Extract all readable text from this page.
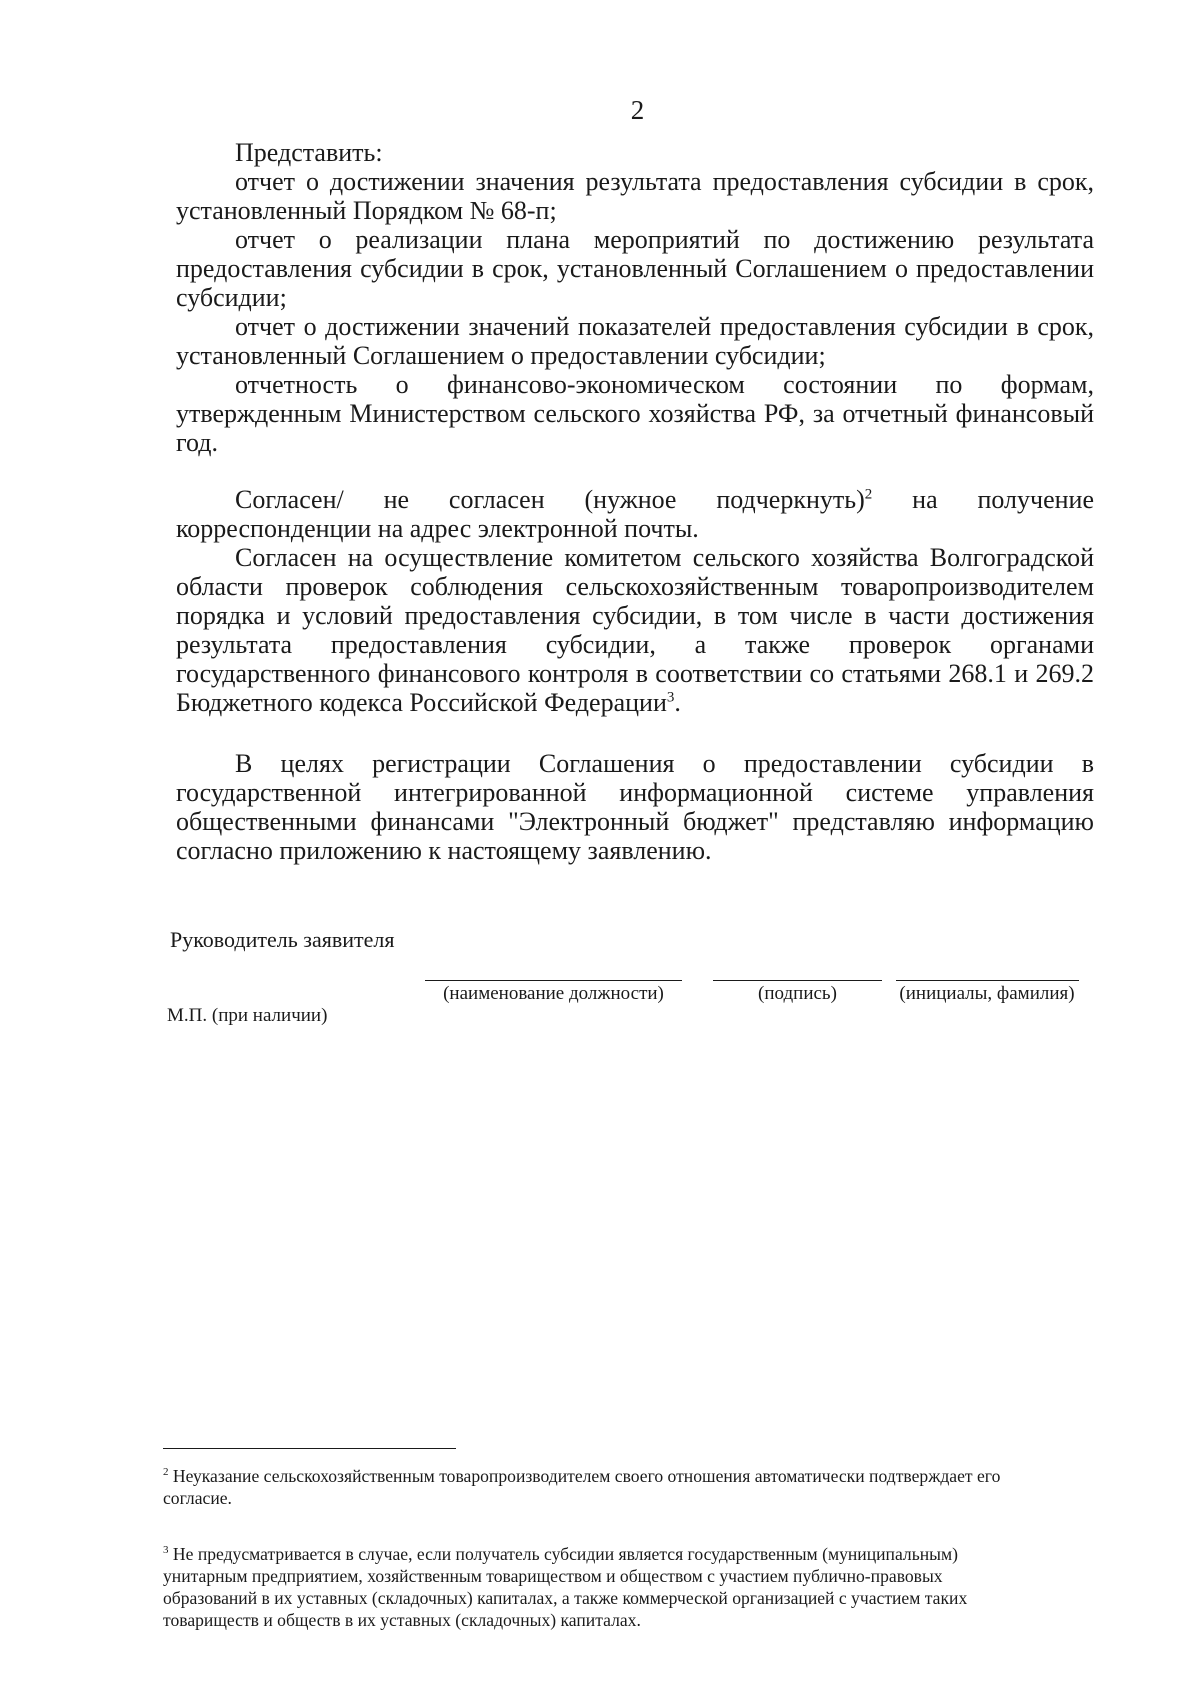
2

Представить:

отчет о достижении значения результата предоставления субсидии в срок, установленный Порядком № 68-п;

отчет о реализации плана мероприятий по достижению результата предоставления субсидии в срок, установленный Соглашением о предоставлении субсидии;

отчет о достижении значений показателей предоставления субсидии в срок, установленный Соглашением о предоставлении субсидии;

отчетность о финансово-экономическом состоянии по формам, утвержденным Министерством сельского хозяйства РФ, за отчетный финансовый год.

Согласен/ не согласен (нужное подчеркнуть)$^2$ на получение корреспонденции на адрес электронной почты.

Согласен на осуществление комитетом сельского хозяйства Волгоградской области проверок соблюдения сельскохозяйственным товаропроизводителем порядка и условий предоставления субсидии, в том числе в части достижения результата предоставления субсидии, а также проверок органами государственного финансового контроля в соответствии со статьями 268.1 и 269.2 Бюджетного кодекса Российской Федерации$^3$.

В целях регистрации Соглашения о предоставлении субсидии в государственной интегрированной информационной системе управления общественными финансами "Электронный бюджет" представляю информацию согласно приложению к настоящему заявлению.

Руководитель заявителя
(наименование должности)	(подпись)	(инициалы, фамилия)
М.П. (при наличии)
$^2$ Неуказание сельскохозяйственным товаропроизводителем своего отношения автоматически подтверждает его согласие.
$^3$ Не предусматривается в случае, если получатель субсидии является государственным (муниципальным) унитарным предприятием, хозяйственным товариществом и обществом с участием публично-правовых образований в их уставных (складочных) капиталах, а также коммерческой организацией с участием таких товариществ и обществ в их уставных (складочных) капиталах.
